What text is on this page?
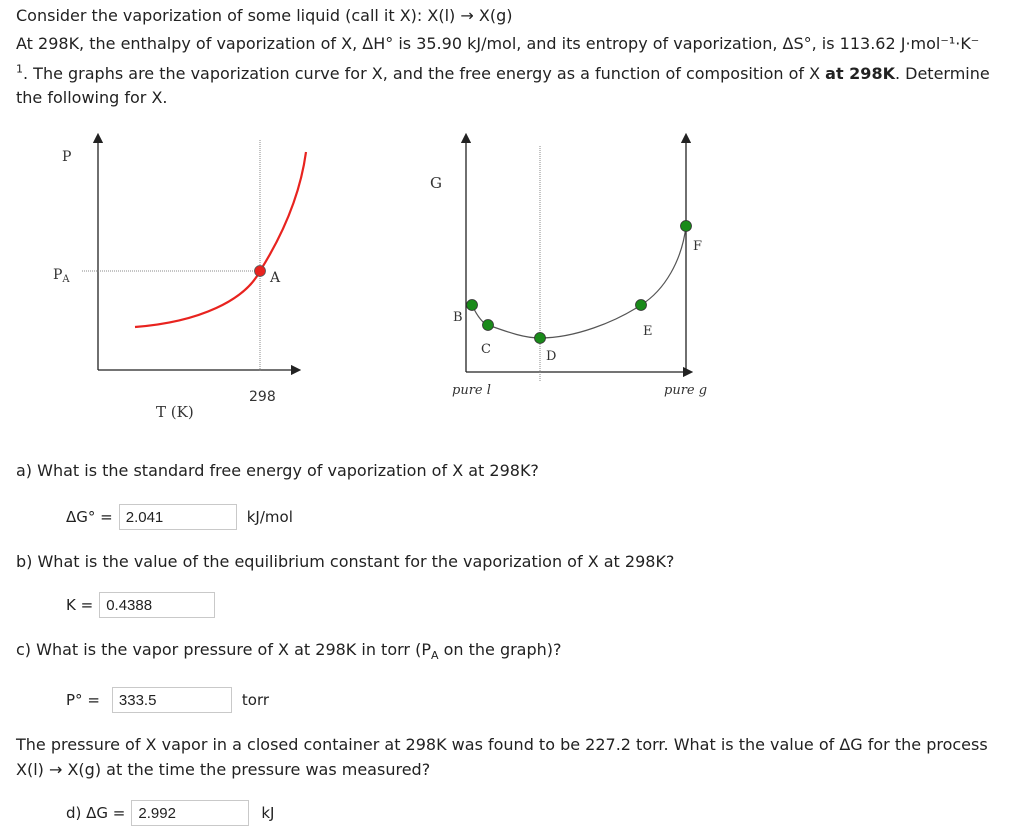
Consider the vaporization of some liquid (call it X): X(l) → X(g)

At 298K, the enthalpy of vaporization of X, ΔH° is 35.90 kJ/mol, and its entropy of vaporization, ΔS°, is 113.62 J·mol⁻¹·K⁻

$^1$. The graphs are the vaporization curve for X, and the free energy as a function of composition of X at 298K. Determine

the following for X.

P
$P_A$	A
298
T (K)
G
B
C	D
E
F
pure l	pure g

a) What is the standard free energy of vaporization of X at 298K?

ΔG° = 2.041	kJ/mol

b) What is the value of the equilibrium constant for the vaporization of X at 298K?

K = 0.4388

c) What is the vapor pressure of X at 298K in torr ($P_A$ on the graph)?

P° =	333.5	torr

The pressure of X vapor in a closed container at 298K was found to be 227.2 torr. What is the value of ΔG for the process

X(l) → X(g) at the time the pressure was measured?

d) ΔG = 2.992	kJ
